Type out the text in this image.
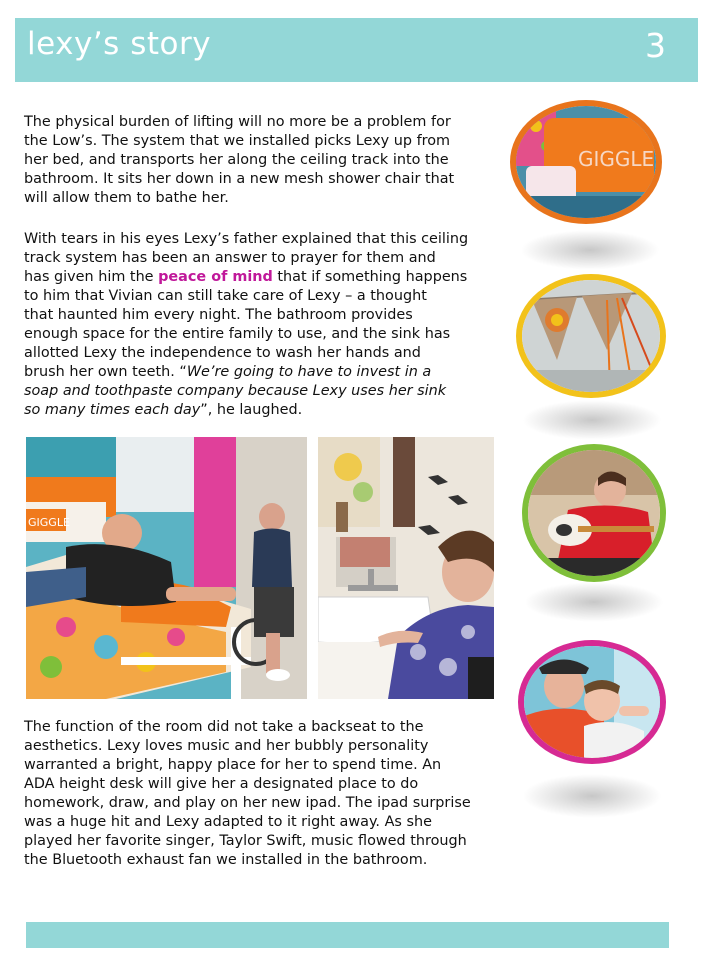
lexy’s story	3
The physical burden of lifting will no more be a problem for
the Low’s. The system that we installed picks Lexy up from
her bed, and transports her along the ceiling track into the
bathroom. It sits her down in a new mesh shower chair that
will allow them to bathe her.
With tears in his eyes Lexy’s father explained that this ceiling
track system has been an answer to prayer for them and
has given him the peace of mind that if something happens
to him that Vivian can still take care of Lexy – a thought
that haunted him every night. The bathroom provides
enough space for the entire family to use, and the sink has
allotted Lexy the independence to wash her hands and
brush her own teeth. “We’re going to have to invest in a
soap and toothpaste company because Lexy uses her sink
so many times each day”, he laughed.
GIGGLE
The function of the room did not take a backseat to the
aesthetics. Lexy loves music and her bubbly personality
warranted a bright, happy place for her to spend time. An
ADA height desk will give her a designated place to do
homework, draw, and play on her new ipad. The ipad surprise
was a huge hit and Lexy adapted to it right away. As she
played her favorite singer, Taylor Swift, music flowed through
the Bluetooth exhaust fan we installed in the bathroom.
GIGGLE
